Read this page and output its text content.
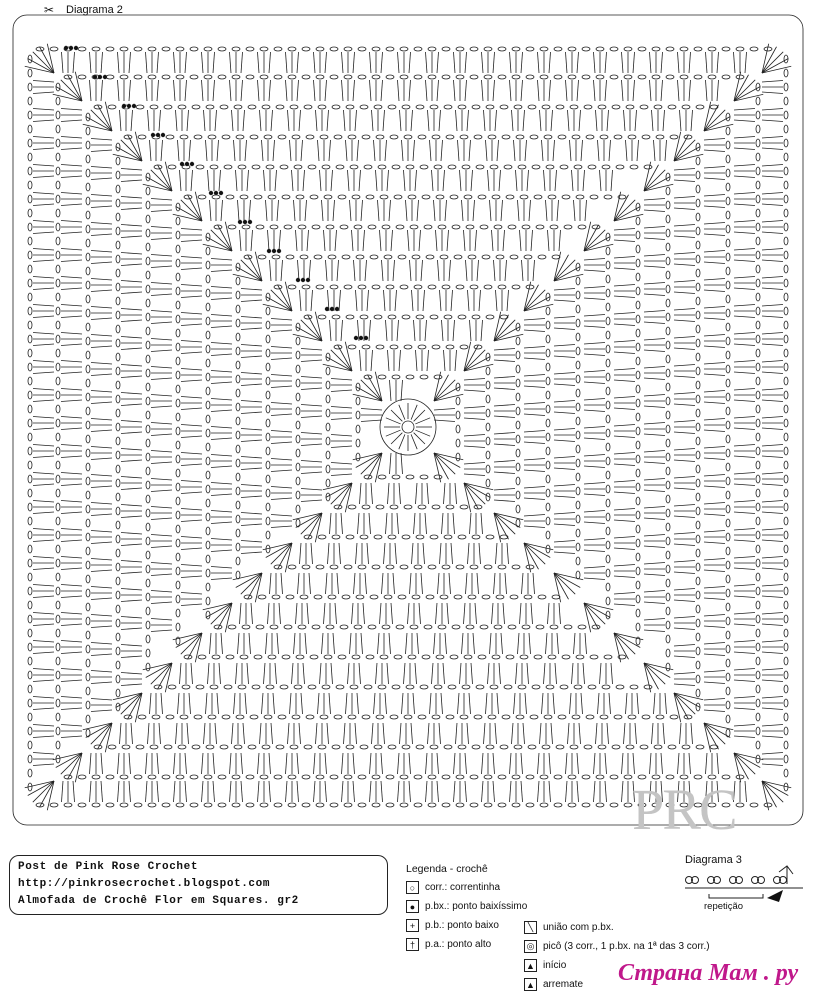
✂ Diagrama 2
PRC
Post de Pink Rose Crochet
http://pinkrosecrochet.blogspot.com
Almofada de Crochê Flor em Squares. gr2
Legenda - crochê
○ corr.: correntinha
● p.bx.: ponto baixíssimo
+ p.b.: ponto baixo
†	p.a.: ponto alto
╲ união com p.bx.
◎ picô (3 corr., 1 p.bx. na 1ª das 3 corr.)
▲ início
▲ arremate
Diagrama 3
repetição
Страна Мам . ру
